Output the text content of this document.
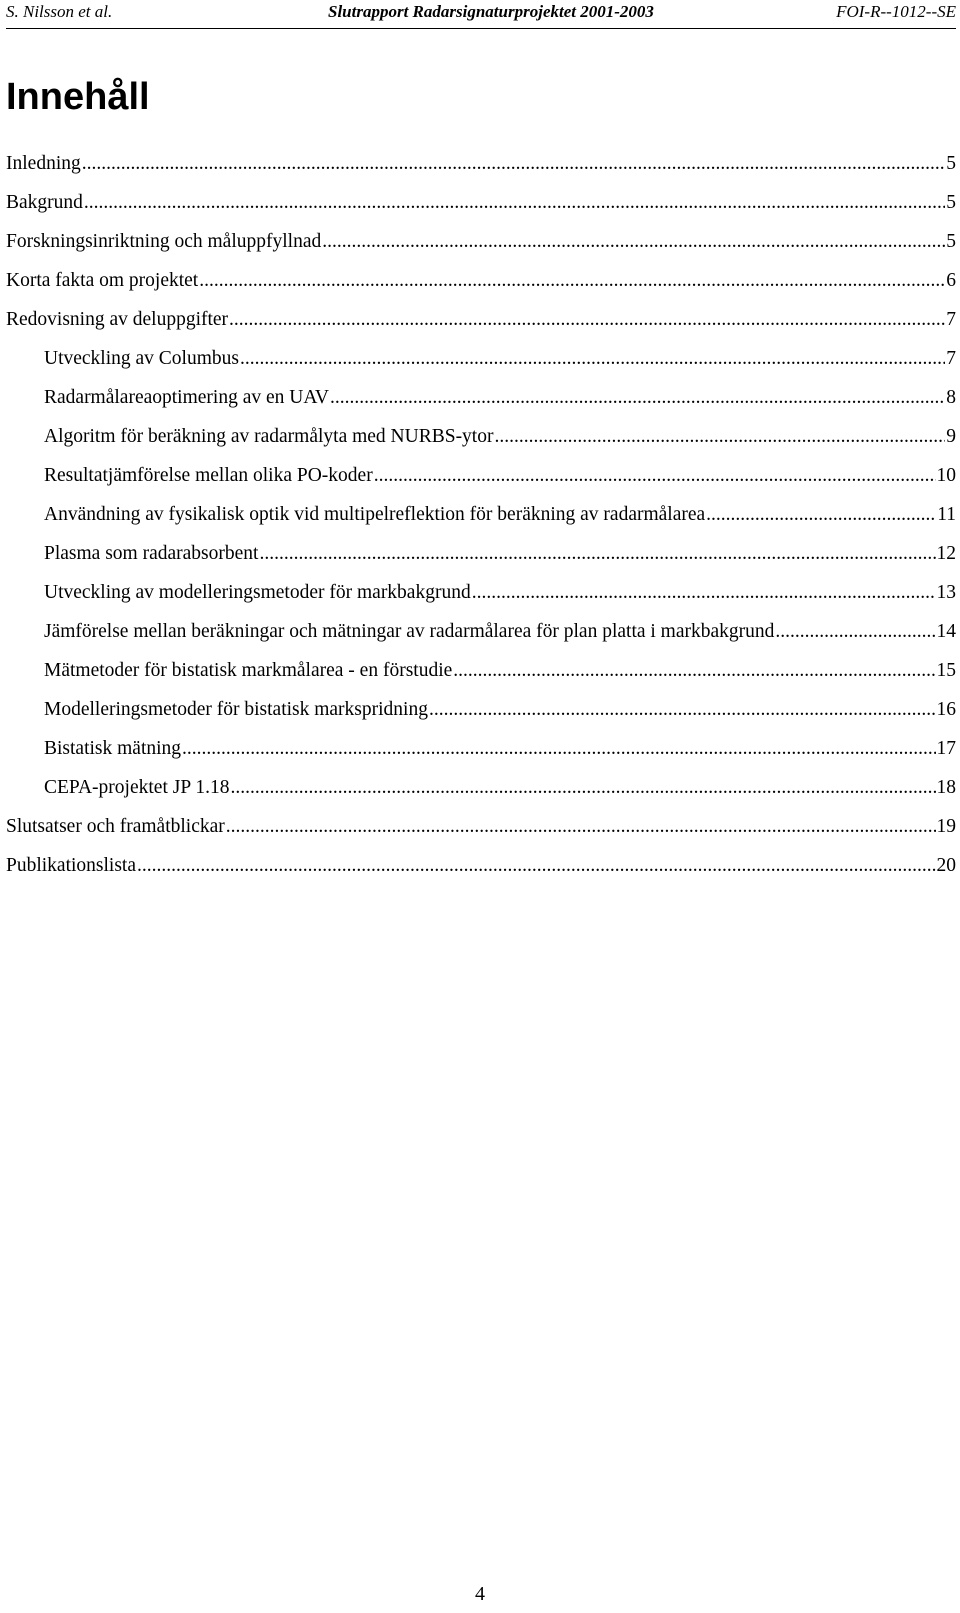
S. Nilsson et al.	Slutrapport Radarsignaturprojektet 2001-2003	FOI-R--1012--SE
Innehåll
Inledning .....	5
Bakgrund .....	5
Forskningsinriktning och måluppfyllnad .....	5
Korta fakta om projektet .....	6
Redovisning av deluppgifter .....	7
Utveckling av Columbus .....	7
Radarmålareaoptimering av en UAV .....	8
Algoritm för beräkning av radarmålyta med NURBS-ytor .....	9
Resultatjämförelse mellan olika PO-koder .....	10
Användning av fysikalisk optik vid multipelreflektion för beräkning av radarmålarea .....	11
Plasma som radarabsorbent .....	12
Utveckling av modelleringsmetoder för markbakgrund .....	13
Jämförelse mellan beräkningar och mätningar av radarmålarea för plan platta i markbakgrund .....	14
Mätmetoder för bistatisk markmålarea - en förstudie .....	15
Modelleringsmetoder för bistatisk markspridning .....	16
Bistatisk mätning .....	17
CEPA-projektet JP 1.18 .....	18
Slutsatser och framåtblickar .....	19
Publikationslista .....	20
4
